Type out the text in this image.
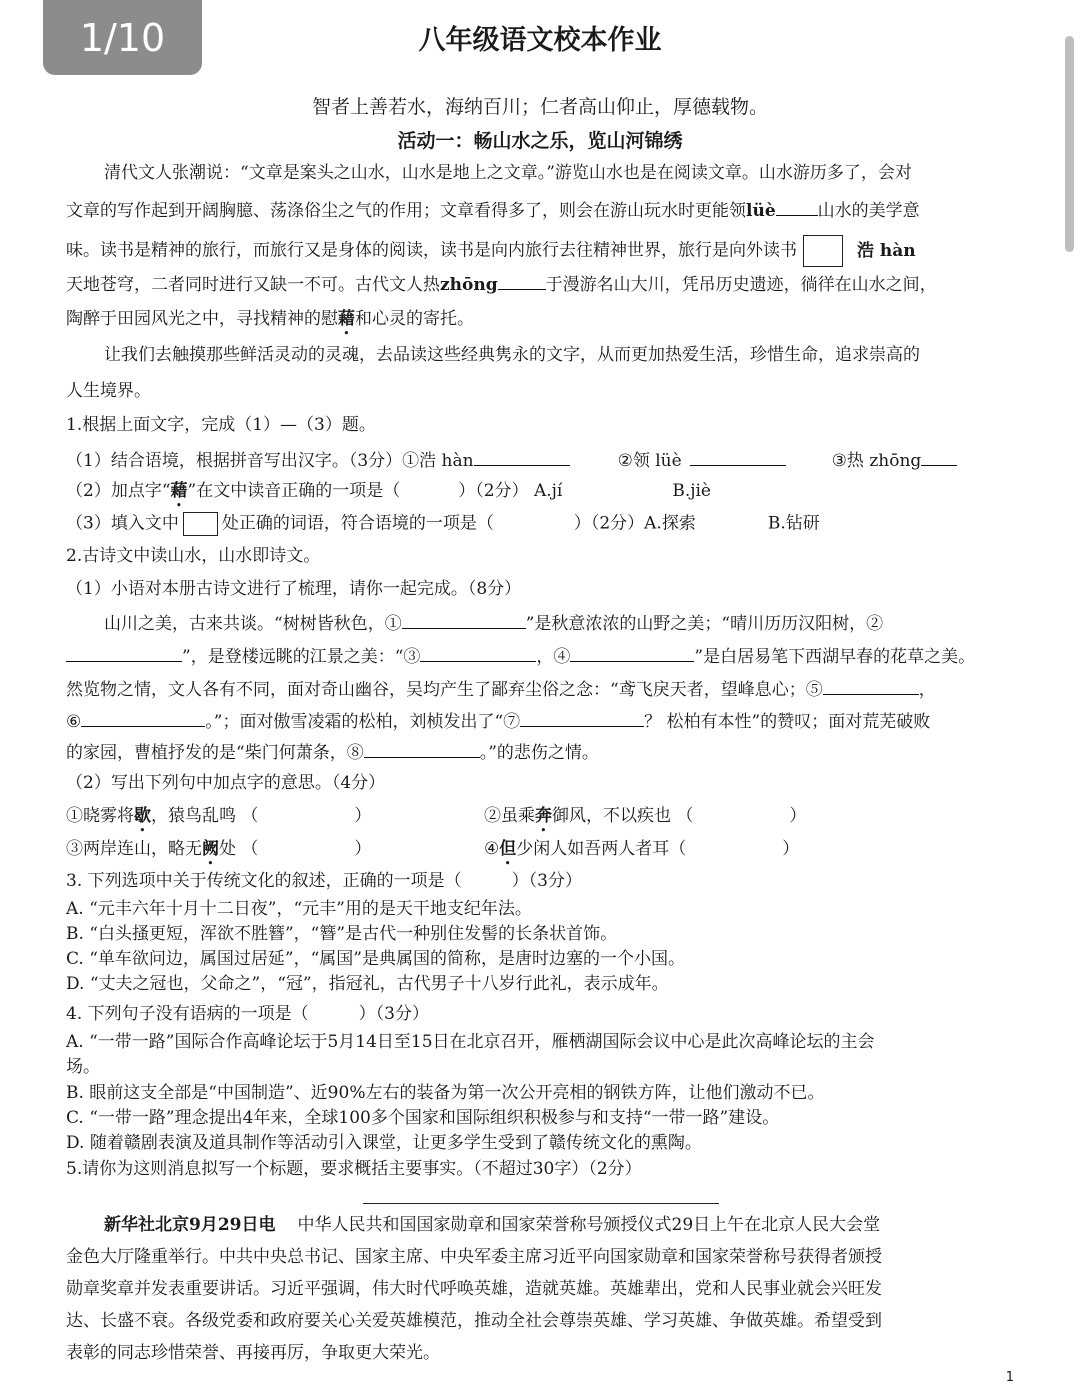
1/10	八年级语文校本作业
智者上善若水，海纳百川；仁者高山仰止，厚德载物。
活动一：畅山水之乐，览山河锦绣
清代文人张潮说：“文章是案头之山水，山水是地上之文章。”游览山水也是在阅读文章。山水游历多了，会对
文章的写作起到开阔胸臆、荡涤俗尘之气的作用；文章看得多了，则会在游山玩水时更能领lüè 山水的美学意
味。读书是精神的旅行，而旅行又是身体的阅读，读书是向内旅行去往精神世界，旅行是向外读书	浩 hàn
天地苍穹，二者同时进行又缺一不可。古代文人热zhōng	于漫游名山大川，凭吊历史遗迹，徜徉在山水之间，
陶醉于田园风光之中，寻找精神的慰藉和心灵的寄托。
让我们去触摸那些鲜活灵动的灵魂，去品读这些经典隽永的文字，从而更加热爱生活，珍惜生命，追求崇高的
人生境界。
1.根据上面文字，完成（1）—（3）题。
（1）结合语境，根据拼音写出汉字。（3分）①浩 hàn	②领 lüè	③热 zhōng
（2）加点字“藉”在文中读音正确的一项是（	）（2分） A.jí	B.jiè
（3）填入文中	处正确的词语，符合语境的一项是（	）（2分）A.探索	B.钻研
2.古诗文中读山水，山水即诗文。
（1）小语对本册古诗文进行了梳理，请你一起完成。（8分）
山川之美，古来共谈。“树树皆秋色，①	”是秋意浓浓的山野之美；“晴川历历汉阳树，②
”，是登楼远眺的江景之美：“③	，④	”是白居易笔下西湖早春的花草之美。
然览物之情，文人各有不同，面对奇山幽谷，吴均产生了鄙弃尘俗之念：“鸢飞戾天者，望峰息心；⑤	，
⑥	。”；面对傲雪凌霜的松柏，刘桢发出了“⑦	？ 松柏有本性”的赞叹；面对荒芜破败
的家园，曹植抒发的是“柴门何萧条，⑧	。”的悲伤之情。
（2）写出下列句中加点字的意思。（4分）
①晓雾将歇，猿鸟乱鸣 （	）	②虽乘奔御风，不以疾也 （	）
③两岸连山，略无阙处 （	）	④但少闲人如吾两人者耳（	）
3. 下列选项中关于传统文化的叙述，正确的一项是（	）（3分）
A. “元丰六年十月十二日夜”，“元丰”用的是天干地支纪年法。
B. “白头搔更短，浑欲不胜簪”，“簪”是古代一种别住发髻的长条状首饰。
C. “单车欲问边，属国过居延”，“属国”是典属国的简称，是唐时边塞的一个小国。
D. “丈夫之冠也，父命之”，“冠”，指冠礼，古代男子十八岁行此礼，表示成年。
4. 下列句子没有语病的一项是（	）（3分）
A. “一带一路”国际合作高峰论坛于5月14日至15日在北京召开，雁栖湖国际会议中心是此次高峰论坛的主会
场。
B. 眼前这支全部是“中国制造”、近90%左右的装备为第一次公开亮相的钢铁方阵，让他们激动不已。
C. “一带一路”理念提出4年来，全球100多个国家和国际组织积极参与和支持“一带一路”建设。
D. 随着赣剧表演及道具制作等活动引入课堂，让更多学生受到了赣传统文化的熏陶。
5.请你为这则消息拟写一个标题，要求概括主要事实。（不超过30字）（2分）
新华社北京9月29日电 中华人民共和国国家勋章和国家荣誉称号颁授仪式29日上午在北京人民大会堂
金色大厅隆重举行。中共中央总书记、国家主席、中央军委主席习近平向国家勋章和国家荣誉称号获得者颁授
勋章奖章并发表重要讲话。习近平强调，伟大时代呼唤英雄，造就英雄。英雄辈出，党和人民事业就会兴旺发
达、长盛不衰。各级党委和政府要关心关爱英雄模范，推动全社会尊崇英雄、学习英雄、争做英雄。希望受到
表彰的同志珍惜荣誉、再接再厉，争取更大荣光。
1
